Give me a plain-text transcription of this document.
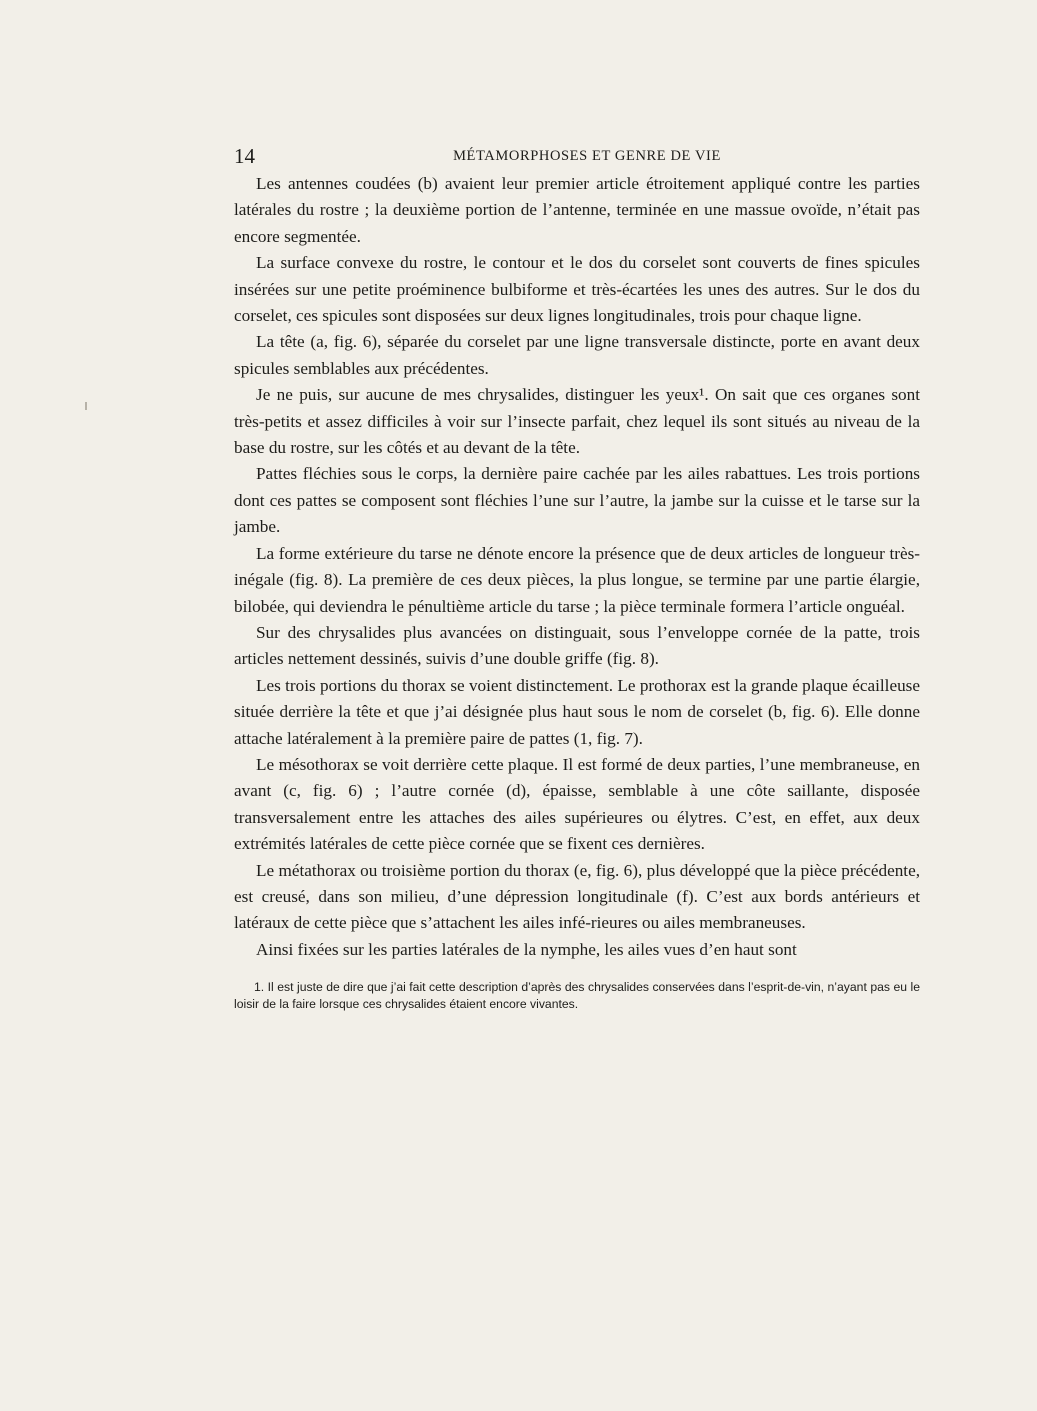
14	MÉTAMORPHOSES ET GENRE DE VIE

Les antennes coudées (b) avaient leur premier article étroitement appliqué contre les parties latérales du rostre ; la deuxième portion de l’antenne, terminée en une massue ovoïde, n’était pas encore segmentée.

La surface convexe du rostre, le contour et le dos du corselet sont couverts de fines spicules insérées sur une petite proéminence bulbiforme et très-écartées les unes des autres. Sur le dos du corselet, ces spicules sont disposées sur deux lignes longitudinales, trois pour chaque ligne.

La tête (a, fig. 6), séparée du corselet par une ligne transversale distincte, porte en avant deux spicules semblables aux précédentes.

Je ne puis, sur aucune de mes chrysalides, distinguer les yeux¹. On sait que ces organes sont très-petits et assez difficiles à voir sur l’insecte parfait, chez lequel ils sont situés au niveau de la base du rostre, sur les côtés et au devant de la tête.

Pattes fléchies sous le corps, la dernière paire cachée par les ailes rabattues. Les trois portions dont ces pattes se composent sont fléchies l’une sur l’autre, la jambe sur la cuisse et le tarse sur la jambe.

La forme extérieure du tarse ne dénote encore la présence que de deux articles de longueur très-inégale (fig. 8). La première de ces deux pièces, la plus longue, se termine par une partie élargie, bilobée, qui deviendra le pénultième article du tarse ; la pièce terminale formera l’article onguéal.

Sur des chrysalides plus avancées on distinguait, sous l’enveloppe cornée de la patte, trois articles nettement dessinés, suivis d’une double griffe (fig. 8).

Les trois portions du thorax se voient distinctement. Le prothorax est la grande plaque écailleuse située derrière la tête et que j’ai désignée plus haut sous le nom de corselet (b, fig. 6). Elle donne attache latéralement à la première paire de pattes (1, fig. 7).

Le mésothorax se voit derrière cette plaque. Il est formé de deux parties, l’une membraneuse, en avant (c, fig. 6) ; l’autre cornée (d), épaisse, semblable à une côte saillante, disposée transversalement entre les attaches des ailes supérieures ou élytres. C’est, en effet, aux deux extrémités latérales de cette pièce cornée que se fixent ces dernières.

Le métathorax ou troisième portion du thorax (e, fig. 6), plus développé que la pièce précédente, est creusé, dans son milieu, d’une dépression longitudinale (f). C’est aux bords antérieurs et latéraux de cette pièce que s’attachent les ailes infé-rieures ou ailes membraneuses.

Ainsi fixées sur les parties latérales de la nymphe, les ailes vues d’en haut sont

1. Il est juste de dire que j’ai fait cette description d’après des chrysalides conservées dans l’esprit-de-vin, n’ayant pas eu le loisir de la faire lorsque ces chrysalides étaient encore vivantes.
